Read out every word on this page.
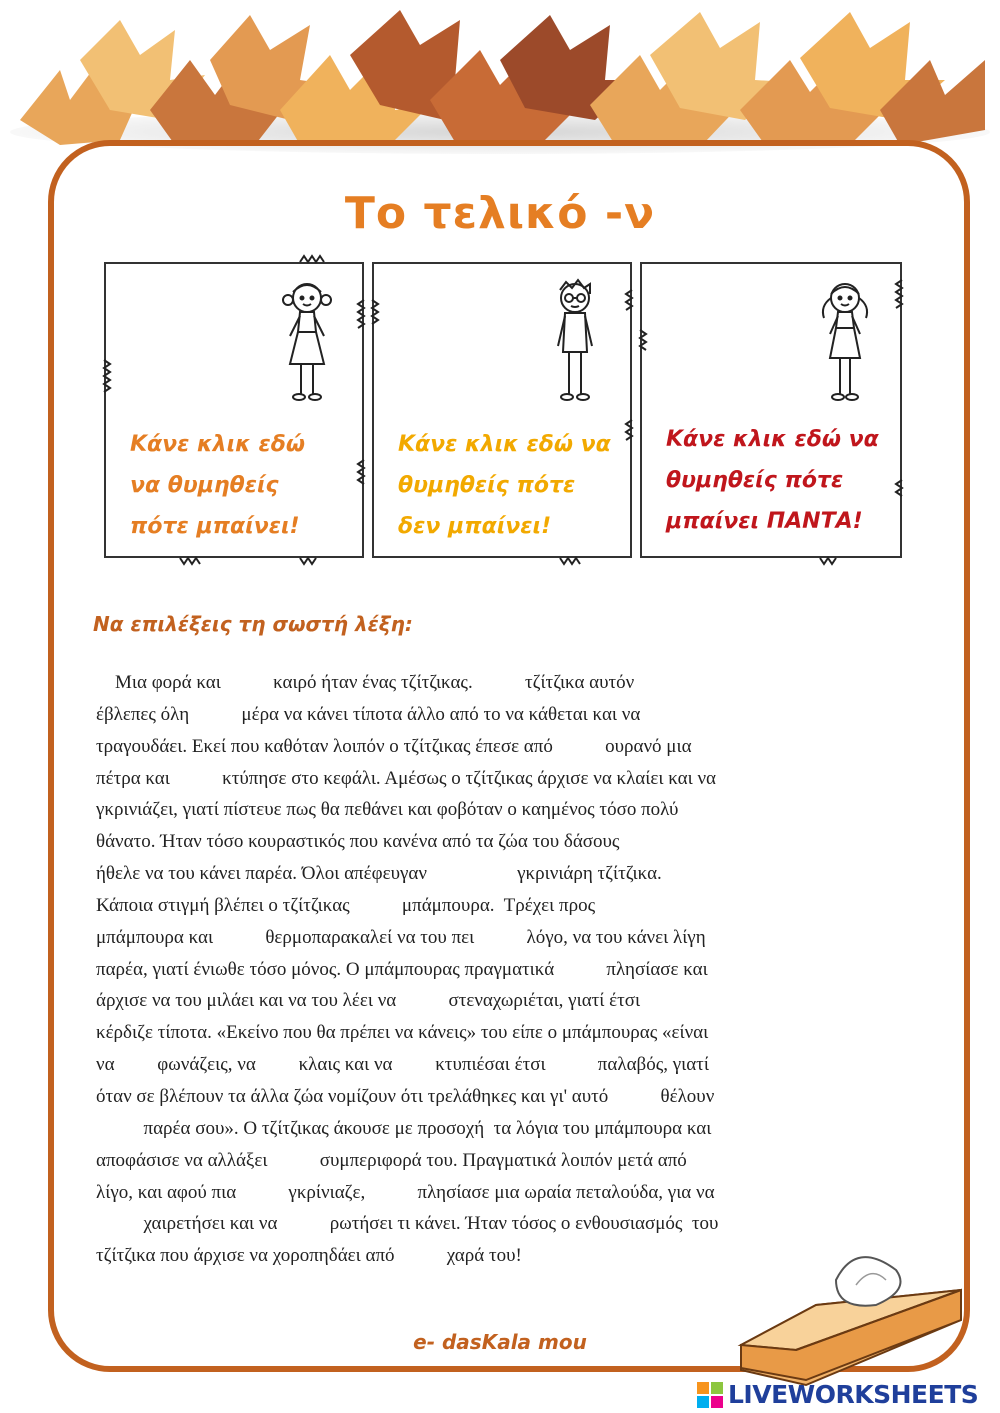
Το τελικό -ν
Κάνε κλικ εδώ
να θυμηθείς
πότε μπαίνει!
Κάνε κλικ εδώ να
θυμηθείς πότε
δεν μπαίνει!
Κάνε κλικ εδώ να
θυμηθείς πότε
μπαίνει ΠΑΝΤΑ!
Να επιλέξεις τη σωστή λέξη:
Μια φορά και           καιρό ήταν ένας τζίτζικας.           τζίτζικα αυτόν
έβλεπες όλη           μέρα να κάνει τίποτα άλλο από το να κάθεται και να
τραγουδάει. Εκεί που καθόταν λοιπόν ο τζίτζικας έπεσε από           ουρανό μια
πέτρα και           κτύπησε στο κεφάλι. Αμέσως ο τζίτζικας άρχισε να κλαίει και να
γκρινιάζει, γιατί πίστευε πως θα πεθάνει και φοβόταν ο καημένος τόσο πολύ
θάνατο. Ήταν τόσο κουραστικός που κανένα από τα ζώα του δάσους
ήθελε να του κάνει παρέα. Όλοι απέφευγαν                   γκρινιάρη τζίτζικα.
Κάποια στιγμή βλέπει ο τζίτζικας           μπάμπουρα.  Τρέχει προς
μπάμπουρα και           θερμοπαρακαλεί να του πει           λόγο, να του κάνει λίγη
παρέα, γιατί ένιωθε τόσο μόνος. Ο μπάμπουρας πραγματικά           πλησίασε και
άρχισε να του μιλάει και να του λέει να           στεναχωριέται, γιατί έτσι
κέρδιζε τίποτα. «Εκείνο που θα πρέπει να κάνεις» του είπε ο μπάμπουρας «είναι
να         φωνάζεις, να         κλαις και να         κτυπιέσαι έτσι           παλαβός, γιατί
όταν σε βλέπουν τα άλλα ζώα νομίζουν ότι τρελάθηκες και γι' αυτό           θέλουν
παρέα σου». Ο τζίτζικας άκουσε με προσοχή  τα λόγια του μπάμπουρα και
αποφάσισε να αλλάξει           συμπεριφορά του. Πραγματικά λοιπόν μετά από
λίγο, και αφού πια           γκρίνιαζε,           πλησίασε μια ωραία πεταλούδα, για να
χαιρετήσει και να           ρωτήσει τι κάνει. Ήταν τόσος ο ενθουσιασμός  του
τζίτζικα που άρχισε να χοροπηδάει από           χαρά του!
e- dasKala mou
LIVEWORKSHEETS
